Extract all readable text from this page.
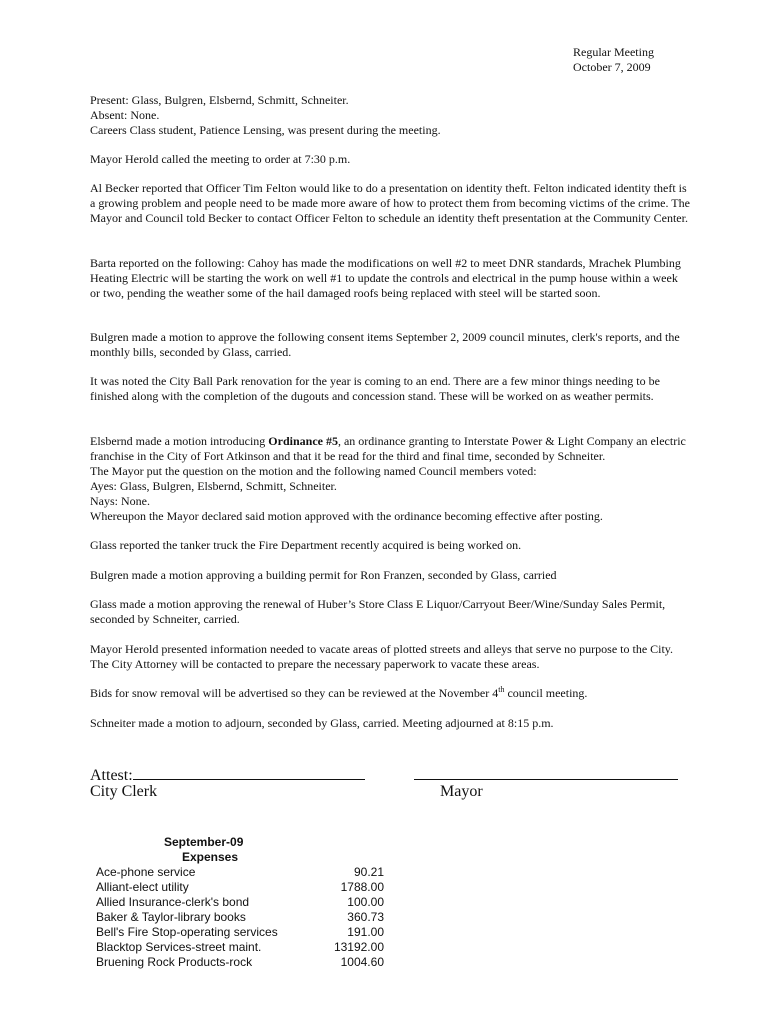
Regular Meeting
October 7, 2009

Present: Glass, Bulgren, Elsbernd, Schmitt, Schneiter.

Absent: None.

Careers Class student, Patience Lensing, was present during the meeting.

Mayor Herold called the meeting to order at 7:30 p.m.

Al Becker reported that Officer Tim Felton would like to do a presentation on identity theft. Felton indicated identity theft is a growing problem and people need to be made more aware of how to protect them from becoming victims of the crime. The Mayor and Council told Becker to contact Officer Felton to schedule an identity theft presentation at the Community Center.

Barta reported on the following: Cahoy has made the modifications on well #2 to meet DNR standards, Mrachek Plumbing Heating Electric will be starting the work on well #1 to update the controls and electrical in the pump house within a week or two, pending the weather some of the hail damaged roofs being replaced with steel will be started soon.

Bulgren made a motion to approve the following consent items September 2, 2009 council minutes, clerk's reports, and the monthly bills, seconded by Glass, carried.

It was noted the City Ball Park renovation for the year is coming to an end. There are a few minor things needing to be finished along with the completion of the dugouts and concession stand. These will be worked on as weather permits.

Elsbernd made a motion introducing Ordinance #5, an ordinance granting to Interstate Power & Light Company an electric franchise in the City of Fort Atkinson and that it be read for the third and final time, seconded by Schneiter.

The Mayor put the question on the motion and the following named Council members voted:

Ayes: Glass, Bulgren, Elsbernd, Schmitt, Schneiter.

Nays: None.

Whereupon the Mayor declared said motion approved with the ordinance becoming effective after posting.

Glass reported the tanker truck the Fire Department recently acquired is being worked on.

Bulgren made a motion approving a building permit for Ron Franzen, seconded by Glass, carried

Glass made a motion approving the renewal of Huber’s Store Class E Liquor/Carryout Beer/Wine/Sunday Sales Permit, seconded by Schneiter, carried.

Mayor Herold presented information needed to vacate areas of plotted streets and alleys that serve no purpose to the City. The City Attorney will be contacted to prepare the necessary paperwork to vacate these areas.

Bids for snow removal will be advertised so they can be reviewed at the November 4th council meeting.

Schneiter made a motion to adjourn, seconded by Glass, carried. Meeting adjourned at 8:15 p.m.

Attest:
City Clerk	Mayor
September-09
Expenses
Ace-phone service	90.21
Alliant-elect utility	1788.00
Allied Insurance-clerk's bond	100.00
Baker & Taylor-library books	360.73
Bell's Fire Stop-operating services	191.00
Blacktop Services-street maint.	13192.00
Bruening Rock Products-rock	1004.60
